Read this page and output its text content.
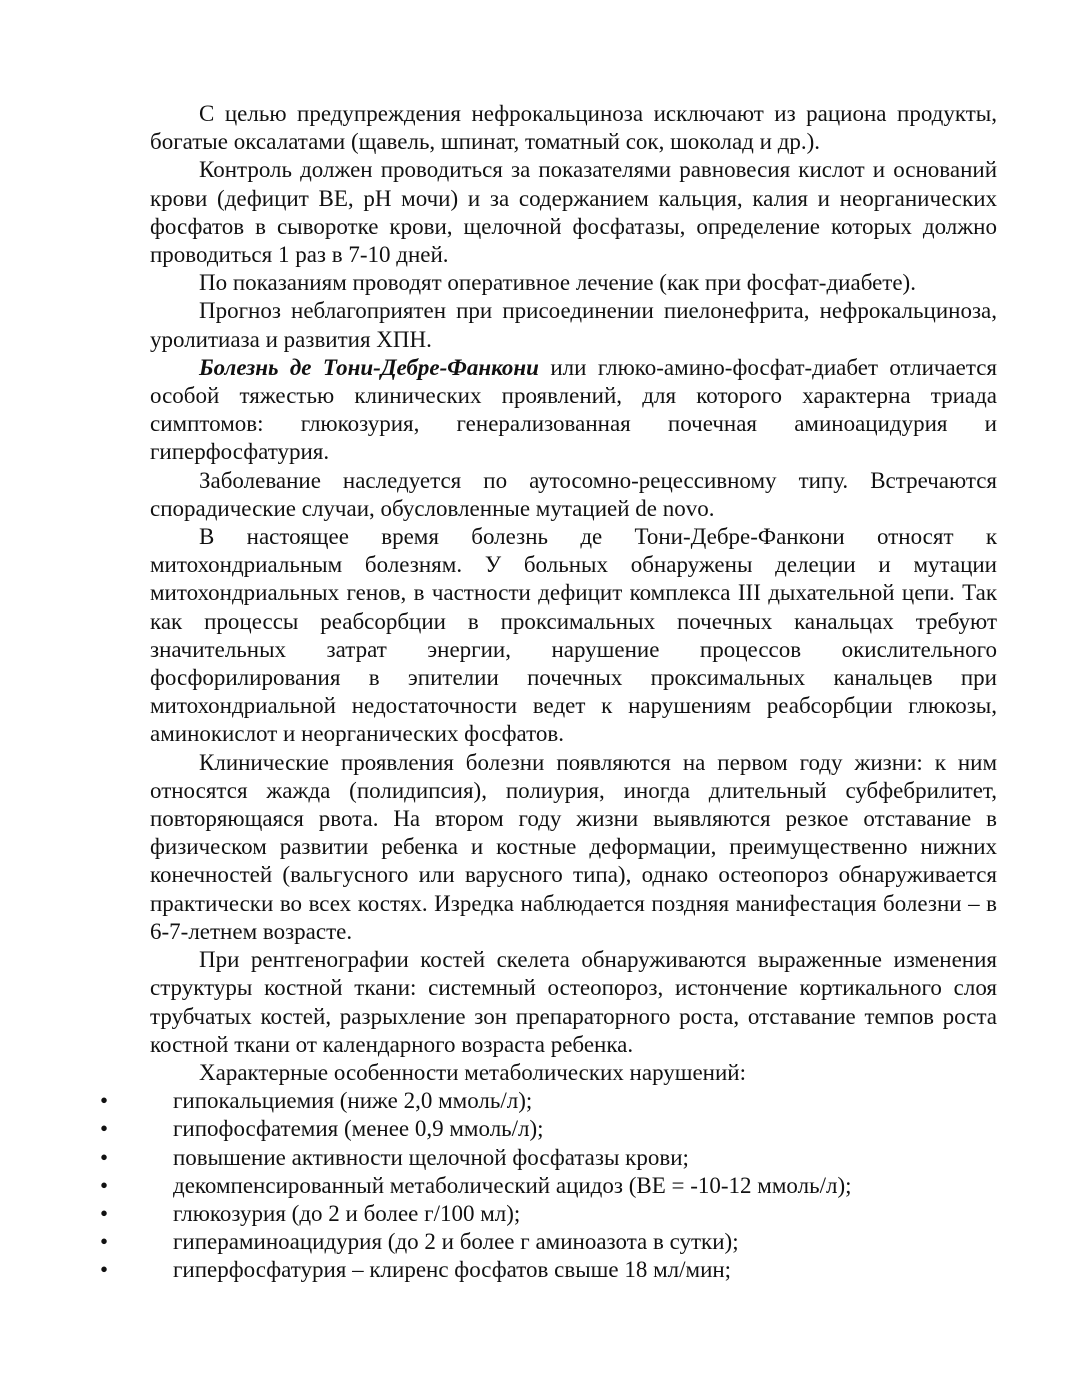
С целью предупреждения нефрокальциноза исключают из рациона продукты, богатые оксалатами (щавель, шпинат, томатный сок, шоколад и др.).

Контроль должен проводиться за показателями равновесия кислот и оснований крови (дефицит ВЕ, рН мочи) и за содержанием кальция, калия и неорганических фосфатов в сыворотке крови, щелочной фосфатазы, определение которых должно проводиться 1 раз в 7-10 дней.

По показаниям проводят оперативное лечение (как при фосфат-диабете).

Прогноз неблагоприятен при присоединении пиелонефрита, нефрокальциноза, уролитиаза и развития ХПН.

Болезнь де Тони-Дебре-Фанкони или глюко-амино-фосфат-диабет отличается особой тяжестью клинических проявлений, для которого характерна триада симптомов: глюкозурия, генерализованная почечная аминоацидурия и гиперфосфатурия.

Заболевание наследуется по аутосомно-рецессивному типу. Встречаются спорадические случаи, обусловленные мутацией de novo.

В настоящее время болезнь де Тони-Дебре-Фанкони относят к митохондриальным болезням. У больных обнаружены делеции и мутации митохондриальных генов, в частности дефицит комплекса III дыхательной цепи. Так как процессы реабсорбции в проксимальных почечных канальцах требуют значительных затрат энергии, нарушение процессов окислительного фосфорилирования в эпителии почечных проксимальных канальцев при митохондриальной недостаточности ведет к нарушениям реабсорбции глюкозы, аминокислот и неорганических фосфатов.

Клинические проявления болезни появляются на первом году жизни: к ним относятся жажда (полидипсия), полиурия, иногда длительный субфебрилитет, повторяющаяся рвота. На втором году жизни выявляются резкое отставание в физическом развитии ребенка и костные деформации, преимущественно нижних конечностей (вальгусного или варусного типа), однако остеопороз обнаруживается практически во всех костях. Изредка наблюдается поздняя манифестация болезни – в 6-7-летнем возрасте.

При рентгенографии костей скелета обнаруживаются выраженные изменения структуры костной ткани: системный остеопороз, истончение кортикального слоя трубчатых костей, разрыхление зон препараторного роста, отставание темпов роста костной ткани от календарного возраста ребенка.

Характерные особенности метаболических нарушений:

•	гипокальциемия (ниже 2,0 ммоль/л);
•	гипофосфатемия (менее 0,9 ммоль/л);
•	повышение активности щелочной фосфатазы крови;
•	декомпенсированный метаболический ацидоз (ВЕ = -10-12 ммоль/л);
•	глюкозурия (до 2 и более г/100 мл);
•	гипераминоацидурия (до 2 и более г аминоазота в сутки);
•	гиперфосфатурия – клиренс фосфатов свыше 18 мл/мин;
